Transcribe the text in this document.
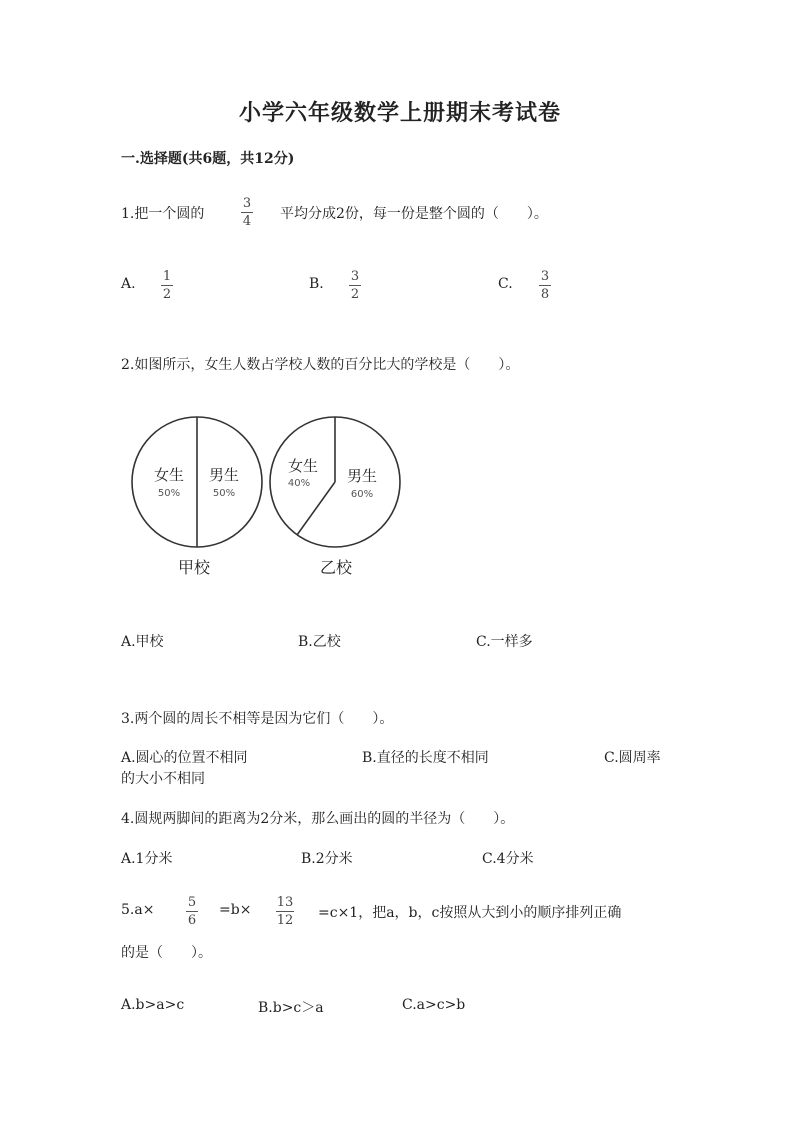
小学六年级数学上册期末考试卷
一.选择题(共6题，共12分)
1.把一个圆的
3
4 平均分成2份，每一份是整个圆的（　　）。
A. 1
2
B. 3
2
C. 3
8
2.如图所示，女生人数占学校人数的百分比大的学校是（　　）。
女生
50%
男生
50%
甲校
女生
40% 男生
60%
乙校
A.甲校	B.乙校	C.一样多
3.两个圆的周长不相等是因为它们（　　）。
A.圆心的位置不相同	B.直径的长度不相同	C.圆周率
的大小不相同
4.圆规两脚间的距离为2分米，那么画出的圆的半径为（　　）。
A.1分米	B.2分米	C.4分米
5.a×	5
6
=b× 13
12 =c×1，把a，b，c按照从大到小的顺序排列正确
的是（　　）。
A.b>a>c	B.b>c＞a	C.a>c>b
